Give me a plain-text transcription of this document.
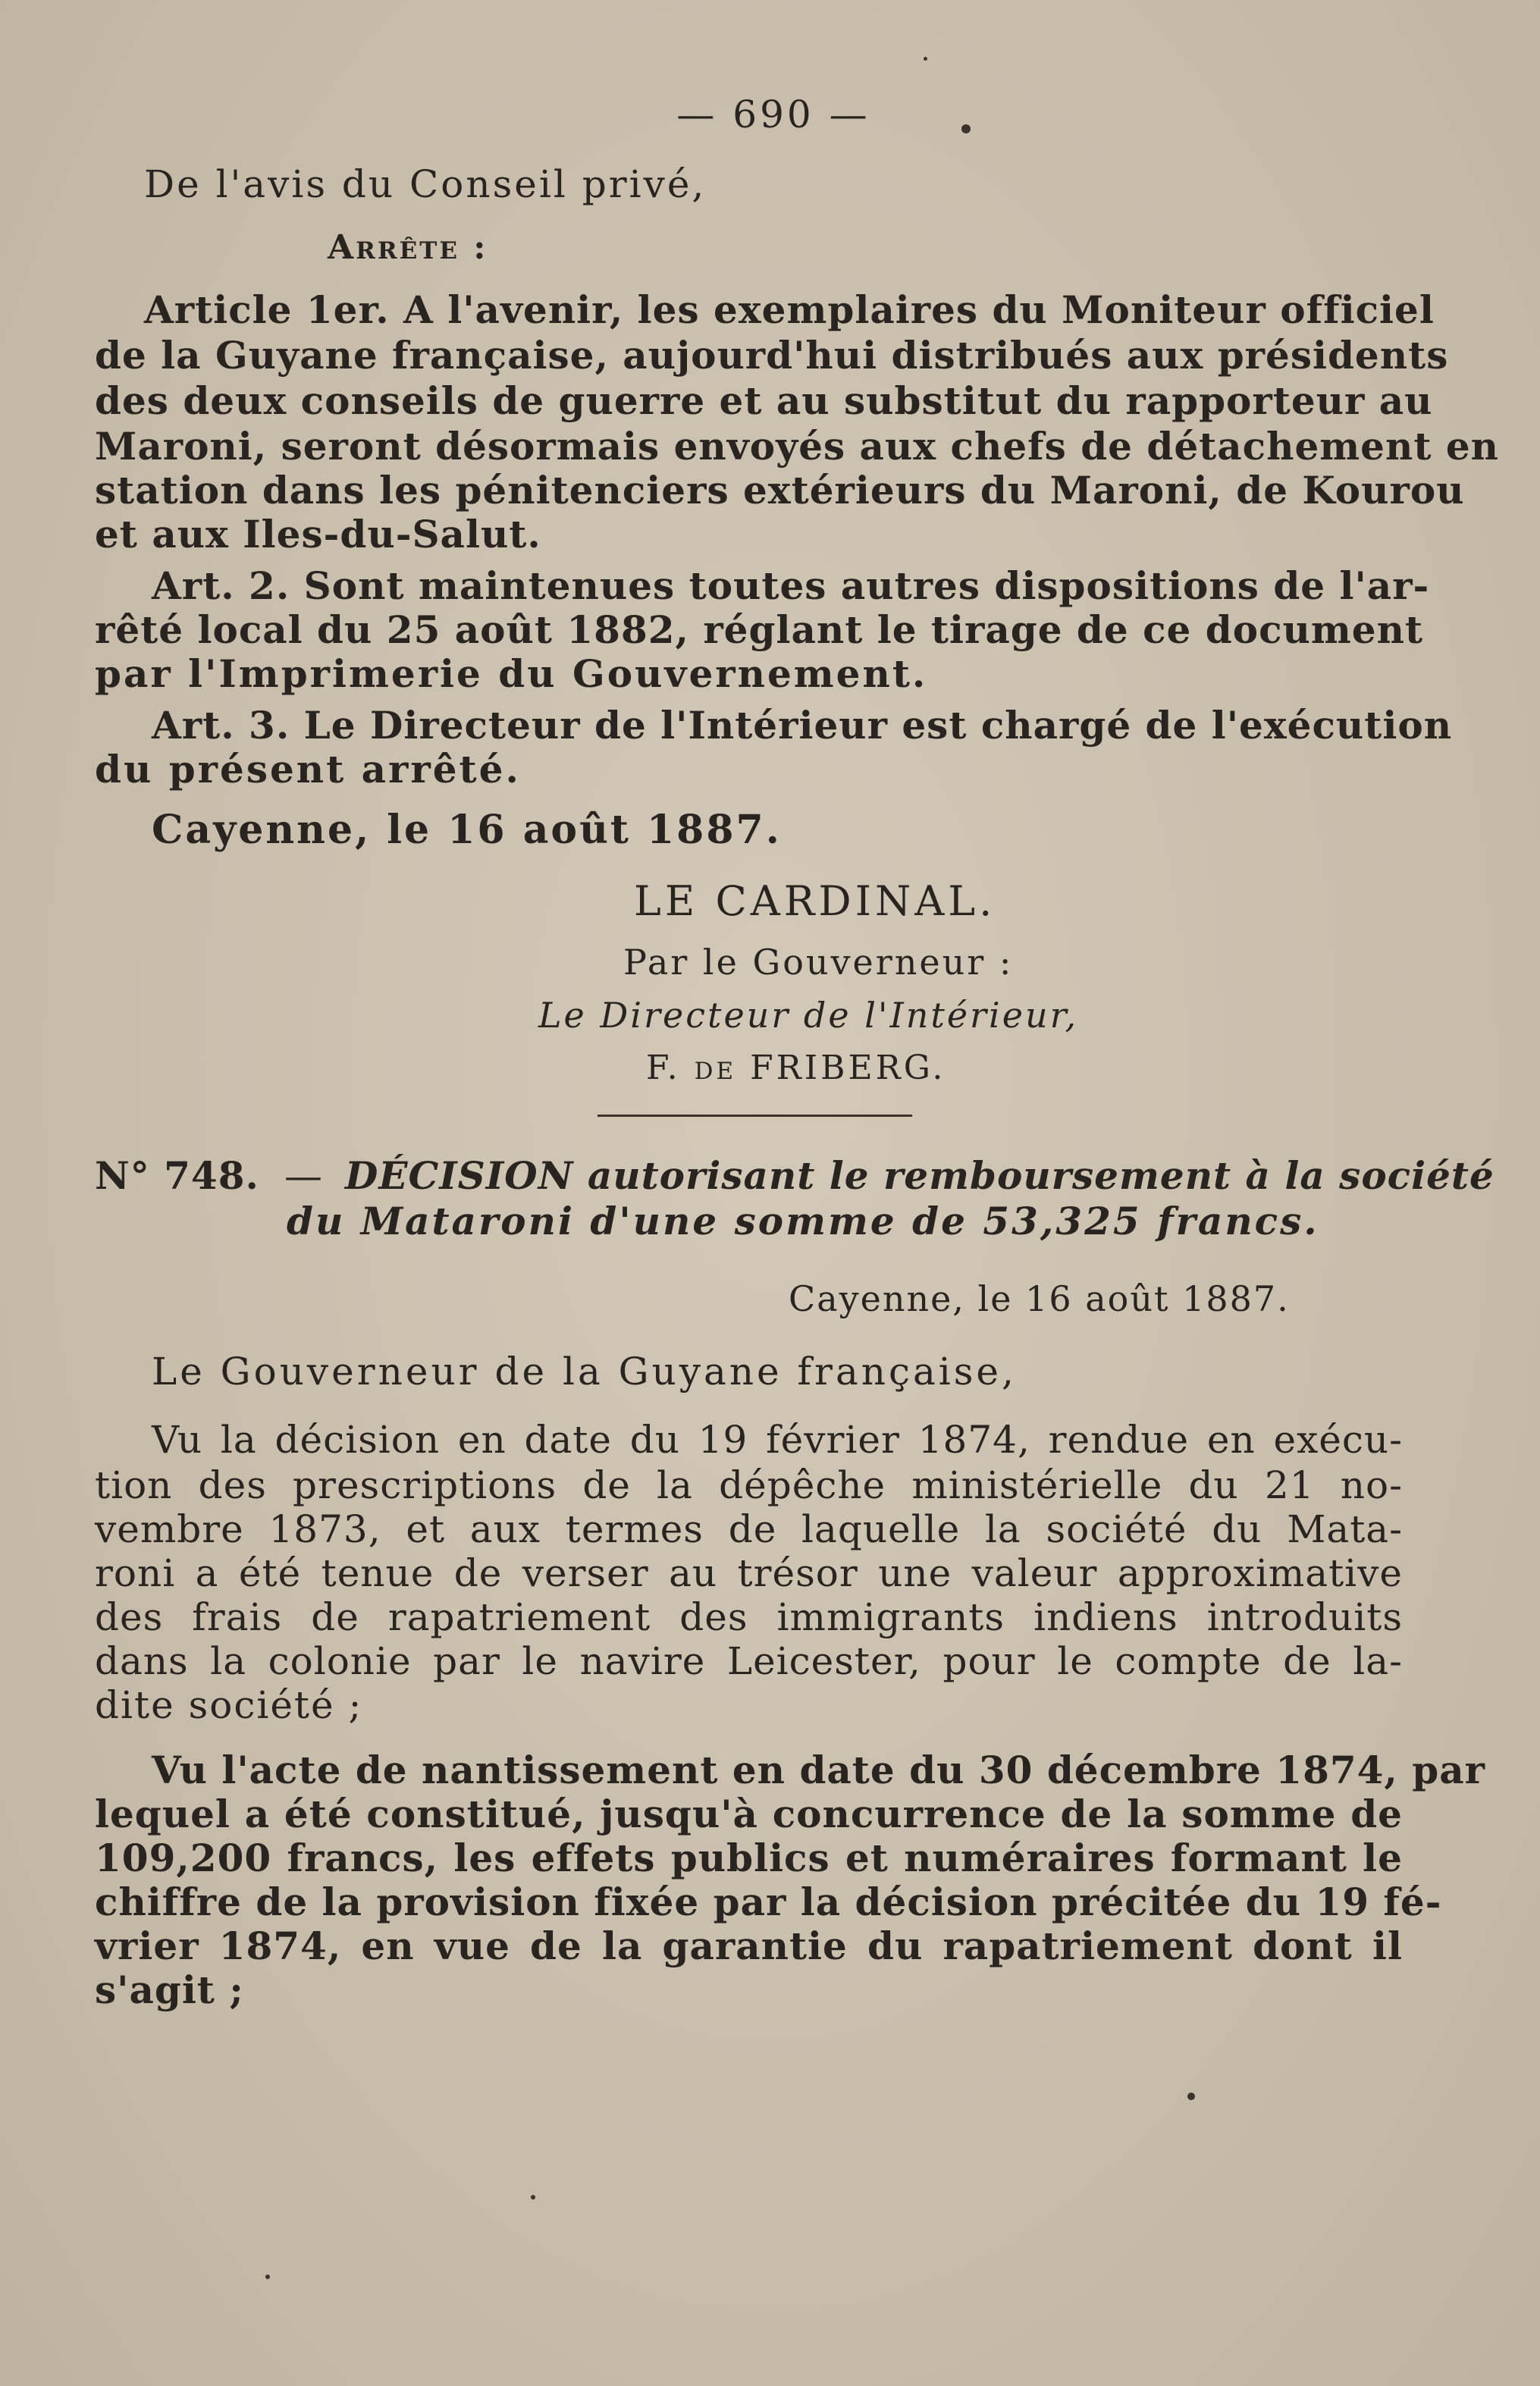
— 690 —
De l'avis du Conseil privé,
Arrête :
Article 1er. A l'avenir, les exemplaires du Moniteur officiel
de la Guyane française, aujourd'hui distribués aux présidents
des deux conseils de guerre et au substitut du rapporteur au
Maroni, seront désormais envoyés aux chefs de détachement en
station dans les pénitenciers extérieurs du Maroni, de Kourou
et aux Iles-du-Salut.
Art. 2. Sont maintenues toutes autres dispositions de l'ar-
rêté local du 25 août 1882, réglant le tirage de ce document
par l'Imprimerie du Gouvernement.
Art. 3. Le Directeur de l'Intérieur est chargé de l'exécution
du présent arrêté.
Cayenne, le 16 août 1887.
LE CARDINAL.
Par le Gouverneur :
Le Directeur de l'Intérieur,
F. de FRIBERG.
N° 748. — DÉCISION autorisant le remboursement à la société
du Mataroni d'une somme de 53,325 francs.
Cayenne, le 16 août 1887.
Le Gouverneur de la Guyane française,
Vu la décision en date du 19 février 1874, rendue en exécu-
tion des prescriptions de la dépêche ministérielle du 21 no-
vembre 1873, et aux termes de laquelle la société du Mata-
roni a été tenue de verser au trésor une valeur approximative
des frais de rapatriement des immigrants indiens introduits
dans la colonie par le navire Leicester, pour le compte de la-
dite société ;
Vu l'acte de nantissement en date du 30 décembre 1874, par
lequel a été constitué, jusqu'à concurrence de la somme de
109,200 francs, les effets publics et numéraires formant le
chiffre de la provision fixée par la décision précitée du 19 fé-
vrier 1874, en vue de la garantie du rapatriement dont il
s'agit ;
